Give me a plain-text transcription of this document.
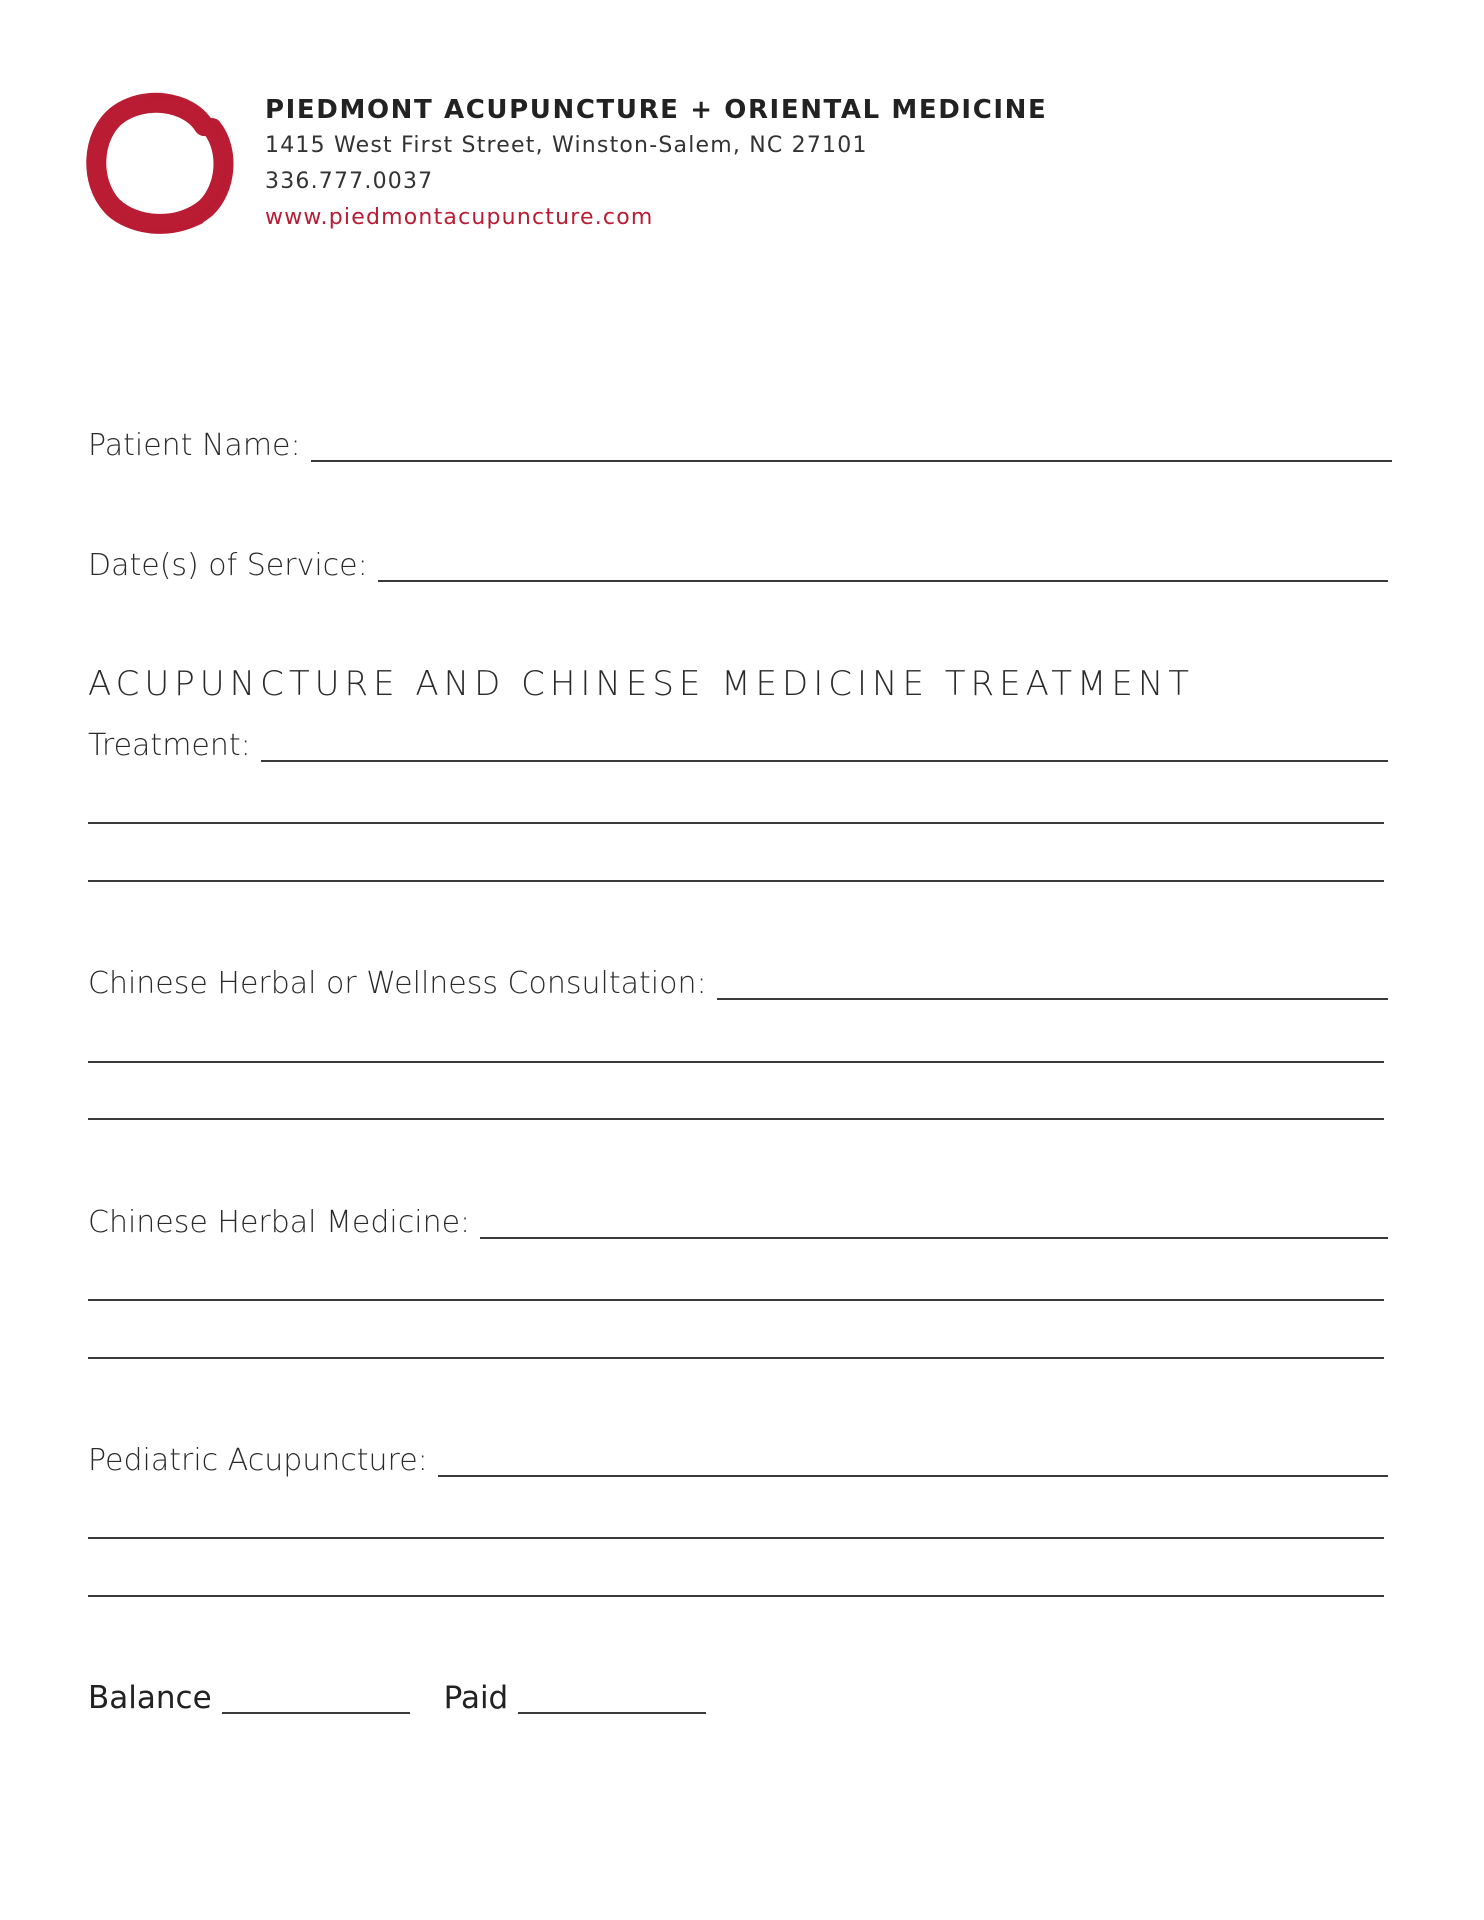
PIEDMONT ACUPUNCTURE + ORIENTAL MEDICINE
1415 West First Street, Winston-Salem, NC 27101
336.777.0037
www.piedmontacupuncture.com
Patient Name:
Date(s) of Service:
ACUPUNCTURE AND CHINESE MEDICINE TREATMENT
Treatment:
Chinese Herbal or Wellness Consultation:
Chinese Herbal Medicine:
Pediatric Acupuncture:
Balance	Paid
